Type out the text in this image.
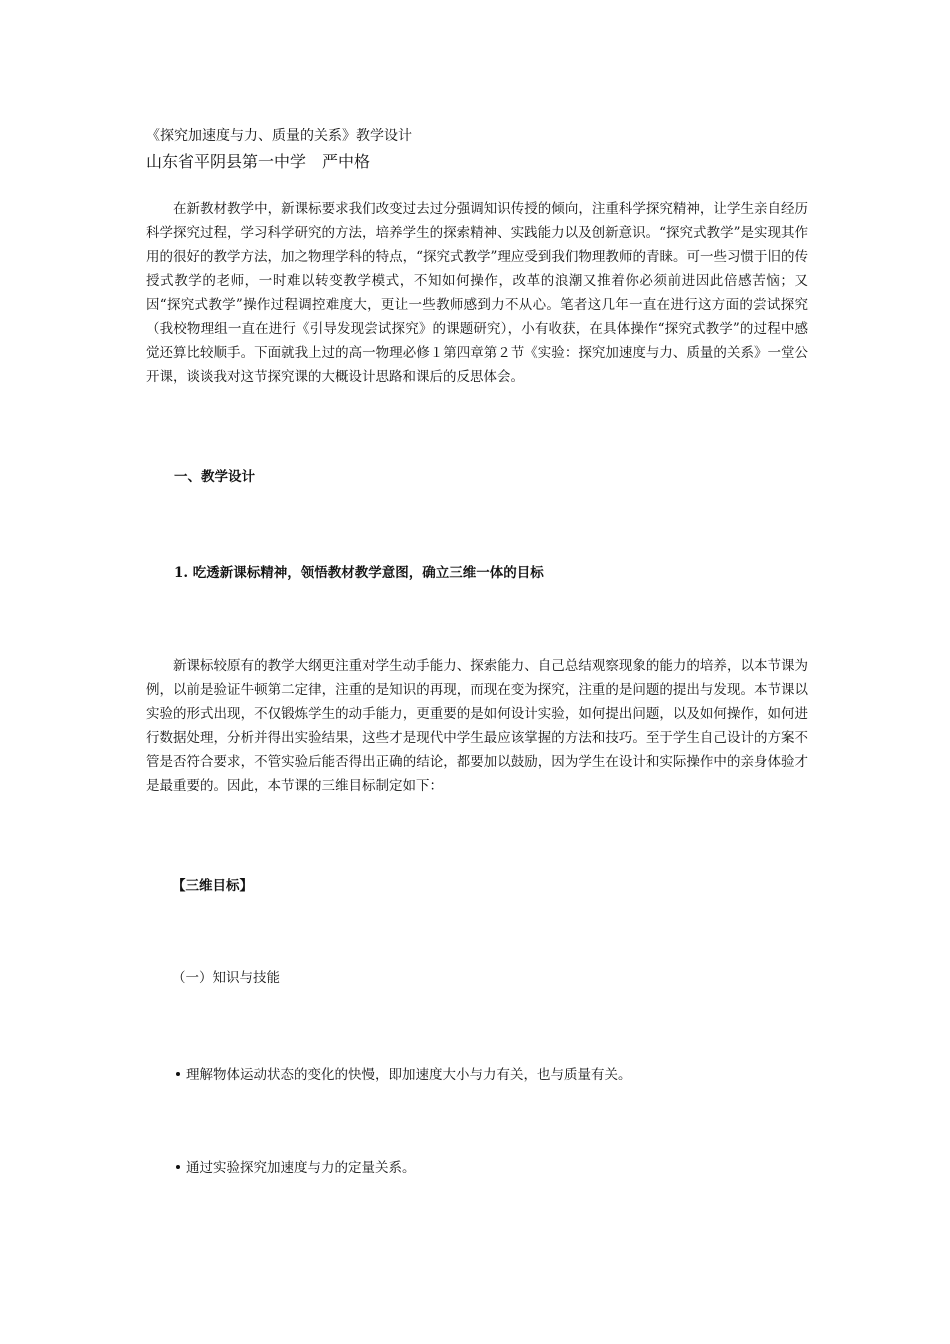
《探究加速度与力、质量的关系》教学设计
山东省平阴县第一中学　严中格

在新教材教学中，新课标要求我们改变过去过分强调知识传授的倾向，注重科学探究精神，让学生亲自经历科学探究过程，学习科学研究的方法，培养学生的探索精神、实践能力以及创新意识。“探究式教学”是实现其作用的很好的教学方法，加之物理学科的特点，“探究式教学”理应受到我们物理教师的青睐。可一些习惯于旧的传授式教学的老师，一时难以转变教学模式，不知如何操作，改革的浪潮又推着你必须前进因此倍感苦恼；又因“探究式教学”操作过程调控难度大，更让一些教师感到力不从心。笔者这几年一直在进行这方面的尝试探究（我校物理组一直在进行《引导发现尝试探究》的课题研究），小有收获，在具体操作“探究式教学”的过程中感觉还算比较顺手。下面就我上过的高一物理必修１第四章第２节《实验：探究加速度与力、质量的关系》一堂公开课，谈谈我对这节探究课的大概设计思路和课后的反思体会。

一、教学设计
1. 吃透新课标精神，领悟教材教学意图，确立三维一体的目标

新课标较原有的教学大纲更注重对学生动手能力、探索能力、自己总结观察现象的能力的培养，以本节课为例，以前是验证牛顿第二定律，注重的是知识的再现，而现在变为探究，注重的是问题的提出与发现。本节课以实验的形式出现，不仅锻炼学生的动手能力，更重要的是如何设计实验，如何提出问题，以及如何操作，如何进行数据处理，分析并得出实验结果，这些才是现代中学生最应该掌握的方法和技巧。至于学生自己设计的方案不管是否符合要求，不管实验后能否得出正确的结论，都要加以鼓励，因为学生在设计和实际操作中的亲身体验才是最重要的。因此，本节课的三维目标制定如下：

【三维目标】
（一）知识与技能
理解物体运动状态的变化的快慢，即加速度大小与力有关，也与质量有关。
通过实验探究加速度与力的定量关系。
